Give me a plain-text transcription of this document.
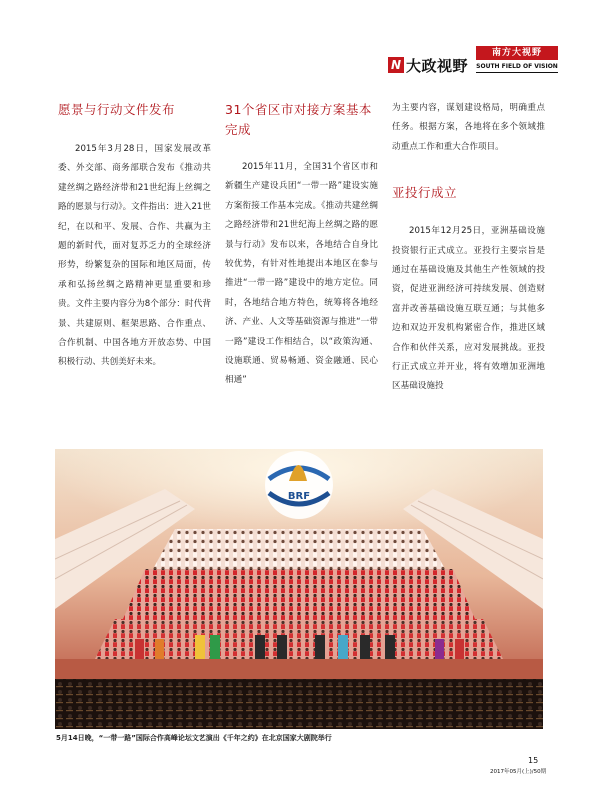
N 大政视野
南方大视野
SOUTH FIELD OF VISION
愿景与行动文件发布
2015年3月28日，国家发展改革委、外交部、商务部联合发布《推动共建丝绸之路经济带和21世纪海上丝绸之路的愿景与行动》。文件指出：进入21世纪，在以和平、发展、合作、共赢为主题的新时代，面对复苏乏力的全球经济形势，纷繁复杂的国际和地区局面，传承和弘扬丝绸之路精神更显重要和珍贵。文件主要内容分为8个部分：时代背景、共建原则、框架思路、合作重点、合作机制、中国各地方开放态势、中国积极行动、共创美好未来。
31个省区市对接方案基本完成
2015年11月，全国31个省区市和新疆生产建设兵团“一带一路”建设实施方案衔接工作基本完成。《推动共建丝绸之路经济带和21世纪海上丝绸之路的愿景与行动》发布以来，各地结合自身比较优势，有针对性地提出本地区在参与推进“一带一路”建设中的地方定位。同时，各地结合地方特色，统筹将各地经济、产业、人文等基础资源与推进“一带一路”建设工作相结合，以“政策沟通、设施联通、贸易畅通、资金融通、民心相通”
为主要内容，谋划建设格局，明确重点任务。根据方案，各地将在多个领域推动重点工作和重大合作项目。
亚投行成立
2015年12月25日，亚洲基础设施投资银行正式成立。亚投行主要宗旨是通过在基础设施及其他生产性领域的投资，促进亚洲经济可持续发展、创造财富并改善基础设施互联互通；与其他多边和双边开发机构紧密合作，推进区域合作和伙伴关系，应对发展挑战。亚投行正式成立并开业，将有效增加亚洲地区基础设施投
BRF
5月14日晚，“一带一路”国际合作高峰论坛文艺演出《千年之约》在北京国家大剧院举行
15
2017年05月(上)/50期
